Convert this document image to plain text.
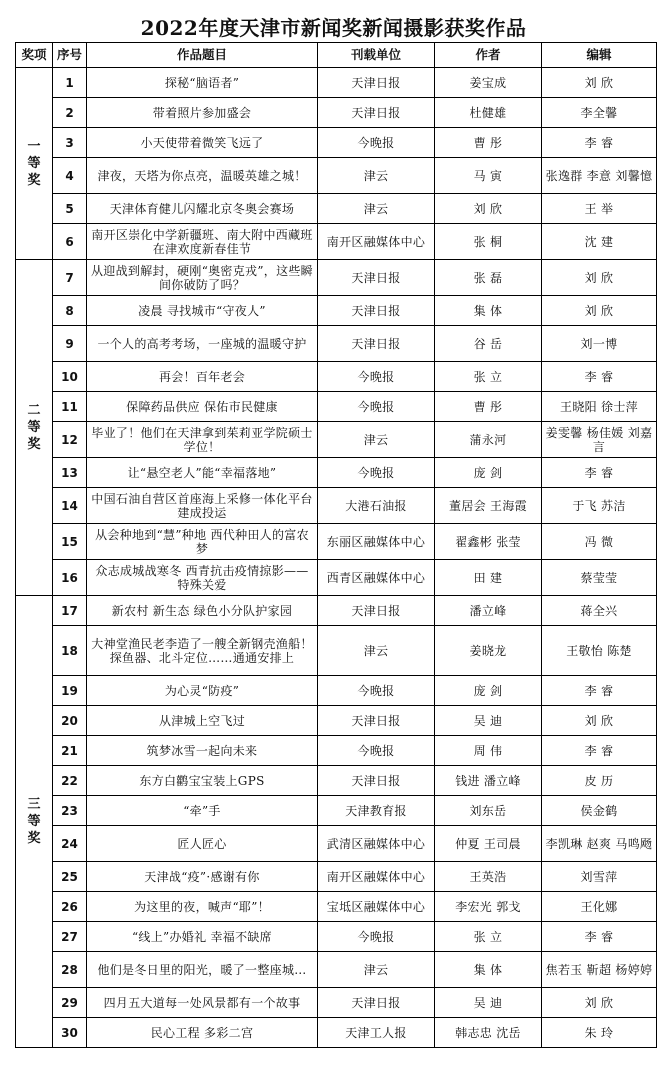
2022年度天津市新闻奖新闻摄影获奖作品
奖项	序号	作品题目	刊载单位	作者	编辑
一等奖	1	探秘“脑语者”	天津日报	姜宝成	刘 欣
	2	带着照片参加盛会	天津日报	杜健雄	李全馨
	3	小天使带着微笑飞远了	今晚报	曹 彤	李 睿
	4	津夜，天塔为你点亮，温暖英雄之城！	津云	马 寅	张逸群 李意 刘馨憶
	5	天津体育健儿闪耀北京冬奥会赛场	津云	刘 欣	王 举
	6	南开区崇化中学新疆班、南大附中西藏班在津欢度新春佳节	南开区融媒体中心	张 桐	沈 建
二等奖	7	从迎战到解封，硬刚“奥密克戎”，这些瞬间你破防了吗？	天津日报	张 磊	刘 欣
	8	凌晨 寻找城市“守夜人”	天津日报	集 体	刘 欣
	9	一个人的高考考场，一座城的温暖守护	天津日报	谷 岳	刘一博
	10	再会！百年老会	今晚报	张 立	李 睿
	11	保障药品供应 保佑市民健康	今晚报	曹 彤	王晓阳 徐士萍
	12	毕业了！他们在天津拿到茱莉亚学院硕士学位！	津云	蒲永河	姜雯馨 杨佳媛 刘嘉言
	13	让“悬空老人”能“幸福落地”	今晚报	庞 剑	李 睿
	14	中国石油自营区首座海上采修一体化平台建成投运	大港石油报	董居会 王海霞	于飞 苏洁
	15	从会种地到“慧”种地 西代种田人的富农梦	东丽区融媒体中心	翟鑫彬 张莹	冯 微
	16	众志成城战寒冬 西青抗击疫情掠影——特殊关爱	西青区融媒体中心	田 建	蔡莹莹
三等奖	17	新农村 新生态 绿色小分队护家园	天津日报	潘立峰	蒋全兴
	18	大神堂渔民老李造了一艘全新钢壳渔船！探鱼器、北斗定位……通通安排上	津云	姜晓龙	王敬怡 陈楚
	19	为心灵“防疫”	今晚报	庞 剑	李 睿
	20	从津城上空飞过	天津日报	吴 迪	刘 欣
	21	筑梦冰雪一起向未来	今晚报	周 伟	李 睿
	22	东方白鹳宝宝装上GPS	天津日报	钱进 潘立峰	皮 历
	23	“牵”手	天津教育报	刘东岳	侯金鹤
	24	匠人匠心	武清区融媒体中心	仲夏 王司晨	李凯琳 赵爽 马鸣飏
	25	天津战“疫”·感谢有你	南开区融媒体中心	王英浩	刘雪萍
	26	为这里的夜，喊声“耶”！	宝坻区融媒体中心	李宏光 郭戈	王化娜
	27	“线上”办婚礼 幸福不缺席	今晚报	张 立	李 睿
	28	他们是冬日里的阳光，暖了一整座城…	津云	集 体	焦若玉 靳超 杨婷婷
	29	四月五大道每一处风景都有一个故事	天津日报	吴 迪	刘 欣
	30	民心工程 多彩二宫	天津工人报	韩志忠 沈岳	朱 玲
